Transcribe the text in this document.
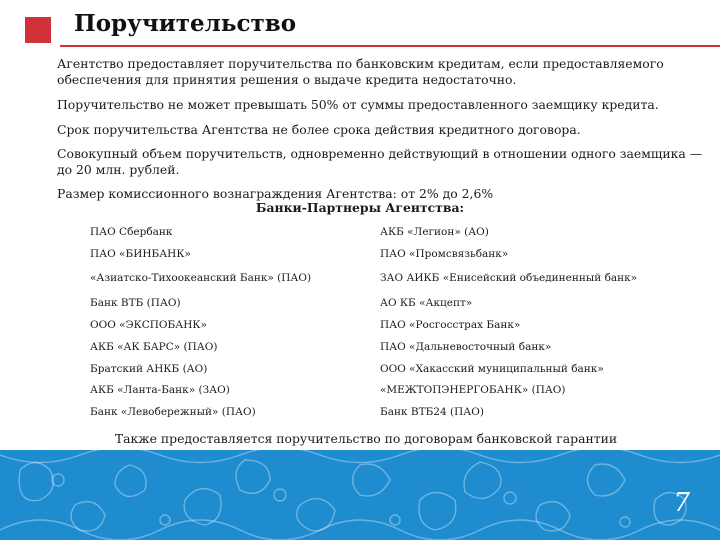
Поручительство
Агентство предоставляет поручительства по банковским кредитам, если предоставляемого обеспечения для принятия решения о выдаче кредита недостаточно.
Поручительство не может превышать 50% от суммы предоставленного заемщику кредита.
Срок поручительства Агентства не более срока действия кредитного договора.
Совокупный объем поручительств, одновременно действующий в отношении одного заемщика — до 20 млн. рублей.
Размер комиссионного вознаграждения Агентства: от 2% до 2,6%
Банки-Партнеры Агентства:
ПАО Сбербанк
ПАО «БИНБАНК»
«Азиатско-Тихоокеанский Банк» (ПАО)
Банк ВТБ (ПАО)
ООО «ЭКСПОБАНК»
АКБ «АК БАРС» (ПАО)
Братский АНКБ (АО)
АКБ «Ланта-Банк» (ЗАО)
Банк «Левобережный» (ПАО)
АКБ «Легион» (АО)
ПАО «Промсвязьбанк»
ЗАО АИКБ «Енисейский объединенный банк»
АО КБ «Акцепт»
ПАО «Росгосстрах Банк»
ПАО «Дальневосточный банк»
ООО «Хакасский муниципальный банк»
«МЕЖТОПЭНЕРГОБАНК» (ПАО)
Банк ВТБ24 (ПАО)
Также предоставляется поручительство по договорам банковской гарантии
7
